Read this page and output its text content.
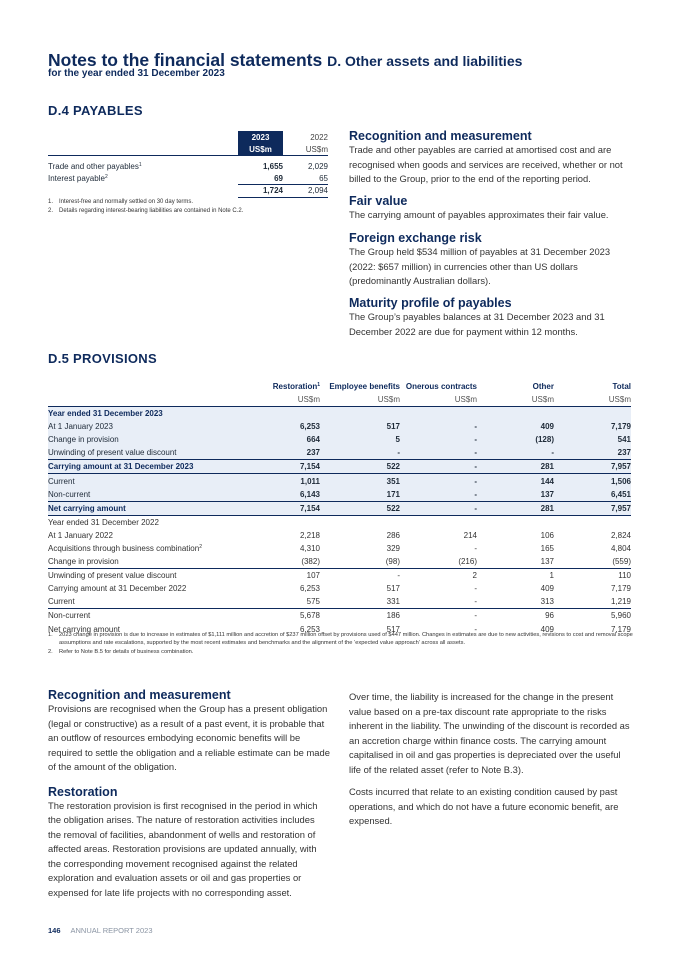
Notes to the financial statements D. Other assets and liabilities
for the year ended 31 December 2023
D.4 PAYABLES
	2023	2022
	US$m	US$m

Trade and other payables$^1$	1,655	2,029
Interest payable$^2$	69	65
	1,724	2,094
1. Interest-free and normally settled on 30 day terms.
2. Details regarding interest-bearing liabilities are contained in Note C.2.

Recognition and measurement

Trade and other payables are carried at amortised cost and are recognised when goods and services are received, whether or not billed to the Group, prior to the end of the reporting period.

Fair value

The carrying amount of payables approximates their fair value.

Foreign exchange risk

The Group held $534 million of payables at 31 December 2023 (2022: $657 million) in currencies other than US dollars (predominantly Australian dollars).

Maturity profile of payables

The Group’s payables balances at 31 December 2023 and 31 December 2022 are due for payment within 12 months.

D.5 PROVISIONS
	Restoration$^1$	Employee benefits	Onerous contracts	Other	Total
	US$m	US$m	US$m	US$m	US$m
Year ended 31 December 2023					
At 1 January 2023	6,253	517	-	409	7,179
Change in provision	664	5	-	(128)	541
Unwinding of present value discount	237	-	-	-	237
Carrying amount at 31 December 2023	7,154	522	-	281	7,957
Current	1,011	351	-	144	1,506
Non-current	6,143	171	-	137	6,451
Net carrying amount	7,154	522	-	281	7,957
Year ended 31 December 2022					
At 1 January 2022	2,218	286	214	106	2,824
Acquisitions through business combination$^2$	4,310	329	-	165	4,804
Change in provision	(382)	(98)	(216)	137	(559)
Unwinding of present value discount	107	-	2	1	110
Carrying amount at 31 December 2022	6,253	517	-	409	7,179
Current	575	331	-	313	1,219
Non-current	5,678	186	-	96	5,960
Net carrying amount	6,253	517	-	409	7,179
1.	2023 change in provision is due to increase in estimates of $1,111 million and accretion of $237 million offset by provisions used of $447 million. Changes in estimates are due to new activities, revisions to cost and removal scope assumptions and rate escalations, supported by the most recent estimates and benchmarks and the alignment of the ‘expected value approach’ across all assets.
2.	Refer to Note B.5 for details of business combination.

Recognition and measurement

Provisions are recognised when the Group has a present obligation (legal or constructive) as a result of a past event, it is probable that an outflow of resources embodying economic benefits will be required to settle the obligation and a reliable estimate can be made of the amount of the obligation.

Restoration

The restoration provision is first recognised in the period in which the obligation arises. The nature of restoration activities includes the removal of facilities, abandonment of wells and restoration of affected areas. Restoration provisions are updated annually, with the corresponding movement recognised against the related exploration and evaluation assets or oil and gas properties or expensed for late life projects with no corresponding asset.

Over time, the liability is increased for the change in the present value based on a pre-tax discount rate appropriate to the risks inherent in the liability. The unwinding of the discount is recorded as an accretion charge within finance costs. The carrying amount capitalised in oil and gas properties is depreciated over the useful life of the related asset (refer to Note B.3).

Costs incurred that relate to an existing condition caused by past operations, and which do not have a future economic benefit, are expensed.

146 ANNUAL REPORT 2023
